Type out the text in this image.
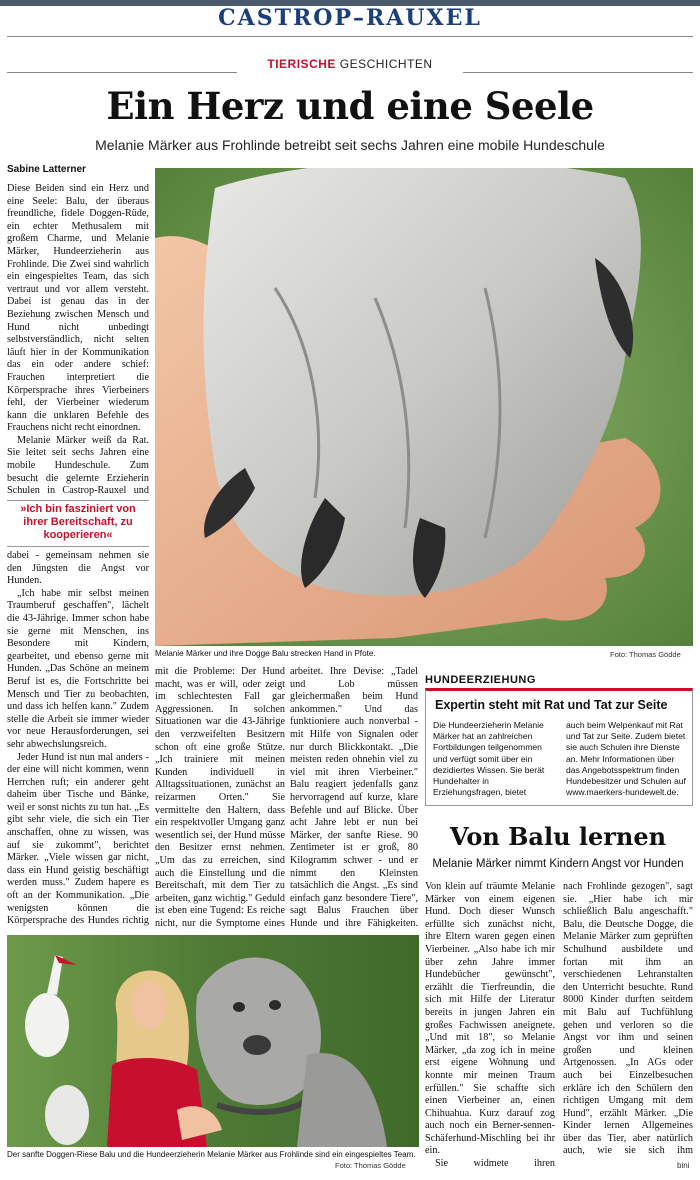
CASTROP–RAUXEL
TIERISCHE GESCHICHTEN
Ein Herz und eine Seele
Melanie Märker aus Frohlinde betreibt seit sechs Jahren eine mobile Hundeschule
Sabine Latterner

Diese Beiden sind ein Herz und eine Seele: Balu, der überaus freundliche, fidele Doggen-Rüde, ein echter Methusalem mit großem Charme, und Melanie Märker, Hundeerzieherin aus Frohlinde. Die Zwei sind wahrlich ein eingespieltes Team, das sich vertraut und vor allem versteht. Dabei ist genau das in der Beziehung zwischen Mensch und Hund nicht unbedingt selbstverständlich, nicht selten läuft hier in der Kommunikation das ein oder andere schief: Frauchen interpretiert die Körpersprache ihres Vierbeiners fehl, der Vierbeiner wiederum kann die unklaren Befehle des Frauchens nicht recht einordnen.

Melanie Märker weiß da Rat. Sie leitet seit sechs Jahren eine mobile Hundeschule. Zum besucht die gelernte Erzieherin Schulen in Castrop-Rauxel und

»Ich bin fasziniert von ihrer Bereitschaft, zu kooperieren«

dabei - gemeinsam nehmen sie den Jüngsten die Angst vor Hunden.

„Ich habe mir selbst meinen Traumberuf geschaffen", lächelt die 43-Jährige. Immer schon habe sie gerne mit Menschen, ins Besondere mit Kindern, gearbeitet, und ebenso gerne mit Hunden. „Das Schöne an meinem Beruf ist es, die Fortschritte bei Mensch und Tier zu beobachten, und dass ich helfen kann." Zudem stelle die Arbeit sie immer wieder vor neue Herausforderungen, sei sehr abwechslungsreich.

Jeder Hund ist nun mal anders - der eine will nicht kommen, wenn Herrchen ruft; ein anderer geht daheim über Tische und Bänke, weil er sonst nichts zu tun hat. „Es gibt sehr viele, die sich ein Tier anschaffen, ohne zu wissen, was auf sie zukommt", berichtet Märker. „Viele wissen gar nicht, dass ein Hund geistig beschäftigt werden muss." Zudem hapere es oft an der Kommunikation. „Die wenigsten können die Körpersprache des Hundes richtig

Melanie Märker und ihre Dogge Balu strecken Hand in Pfote.	Foto: Thomas Gödde

mit die Probleme: Der Hund macht, was er will, oder zeigt im schlechtesten Fall gar Aggressionen. In solchen Situationen war die 43-Jährige den verzweifelten Besitzern schon oft eine große Stütze. „Ich trainiere mit meinen Kunden individuell in Alltagssituationen, zunächst an reizarmen Orten." Sie vermittelte den Haltern, dass ein respektvoller Umgang ganz wesentlich sei, der Hund müsse den Besitzer ernst nehmen. „Um das zu erreichen, sind auch die Einstellung und die Bereitschaft, mit dem Tier zu arbeiten, ganz wichtig." Geduld ist eben eine Tugend: Es reiche nicht, nur die Symptome eines

arbeitet. Ihre Devise: „Tadel und Lob müssen gleichermaßen beim Hund ankommen." Und das funktioniere auch nonverbal - mit Hilfe von Signalen oder nur durch Blickkontakt. „Die meisten reden ohnehin viel zu viel mit ihren Vierbeiner." Balu reagiert jedenfalls ganz hervorragend auf kurze, klare Befehle und auf Blicke. Über acht Jahre lebt er nun bei Märker, der sanfte Riese. 90 Zentimeter ist er groß, 80 Kilogramm schwer - und er nimmt den Kleinsten tatsächlich die Angst. „Es sind einfach ganz besondere Tiere", sagt Balus Frauchen über Hunde und ihre Fähigkeiten.

HUNDEERZIEHUNG
Expertin steht mit Rat und Tat zur Seite
Die Hundeerzieherin Melanie Märker hat an zahlreichen Fortbildungen teilgenommen und verfügt somit über ein dezidiertes Wissen. Sie berät Hundehalter in Erziehungsfragen, bietet
auch beim Welpenkauf mit Rat und Tat zur Seite. Zudem bietet sie auch Schulen ihre Dienste an. Mehr Informationen über das Angebotsspektrum finden Hundebesitzer und Schulen auf www.maerkers-hundewelt.de.
Von Balu lernen
Melanie Märker nimmt Kindern Angst vor Hunden

Von klein auf träumte Melanie Märker von einem eigenen Hund. Doch dieser Wunsch erfüllte sich zunächst nicht, ihre Eltern waren gegen einen Vierbeiner. „Also habe ich mir über zehn Jahre immer Hundebücher gewünscht", erzählt die Tierfreundin, die sich mit Hilfe der Literatur bereits in jungen Jahren ein großes Fachwissen aneignete. „Und mit 18", so Melanie Märker, „da zog ich in meine erst eigene Wohnung und konnte mir meinen Traum erfüllen." Sie schaffte sich einen Vierbeiner an, einen Chihuahua. Kurz darauf zog auch noch ein Berner-sennen-Schäferhund-Mischling bei ihr ein.

Sie widmete ihren

nach Frohlinde gezogen", sagt sie. „Hier habe ich mir schließlich Balu angeschafft." Balu, die Deutsche Dogge, die Melanie Märker zum geprüften Schulhund ausbildete und fortan mit ihm an verschiedenen Lehranstalten den Unterricht besuchte. Rund 8000 Kinder durften seitdem mit Balu auf Tuchfühlung gehen und verloren so die Angst vor ihm und seinen großen und kleinen Artgenossen. „In AGs oder auch bei Einzelbesuchen erkläre ich den Schülern den richtigen Umgang mit dem Hund", erzählt Märker. „Die Kinder lernen Allgemeines über das Tier, aber natürlich auch, wie sie sich ihm

bini
Der sanfte Doggen-Riese Balu und die Hundeerzieherin Melanie Märker aus Frohlinde sind ein eingespieltes Team.
Foto: Thomas Gödde
